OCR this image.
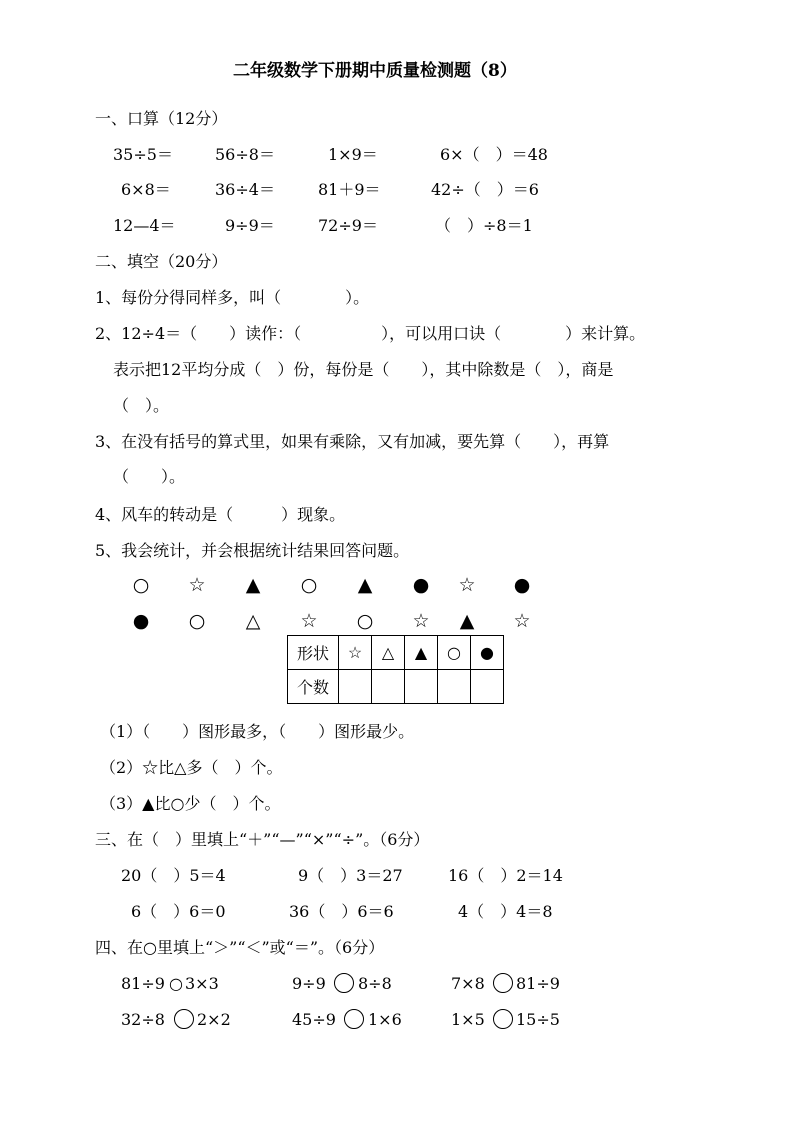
二年级数学下册期中质量检测题（8）
一、口算（12分）
35÷5＝	56÷8＝	1×9＝	6×（　）＝48
6×8＝	36÷4＝	81＋9＝	42÷（　）＝6
12—4＝	9÷9＝	72÷9＝	（　）÷8＝1
二、填空（20分）
1、每份分得同样多，叫（　　　　）。
2、12÷4＝（　　）读作：（　　　　　），可以用口诀（　　　　）来计算。
表示把12平均分成（　）份，每份是（　　），其中除数是（　），商是
（　）。
3、在没有括号的算式里，如果有乘除，又有加减，要先算（　　），再算
（　　）。
4、风车的转动是（　　　）现象。
5、我会统计，并会根据统计结果回答问题。
○ ☆ ▲ ○ ▲ ● ☆ ●
● ○ △ ☆ ○ ☆ ▲ ☆
形状	☆	△	▲	○	●
个数					
（1）（　　）图形最多，（　　）图形最少。
（2）☆比△多（　）个。
（3）▲比○少（　）个。
三、在（　）里填上“＋”“—”“×”“÷”。（6分）
20（　）5＝4	9（　）3＝27	16（　）2＝14
6（　）6＝0	36（　）6＝6	4（　）4＝8
四、在○里填上“＞”“＜”或“＝”。（6分）
81÷9 ○ 3×3	9÷9 8÷8	7×8 81÷9
32÷8 2×2	45÷9 1×6	1×5 15÷5
